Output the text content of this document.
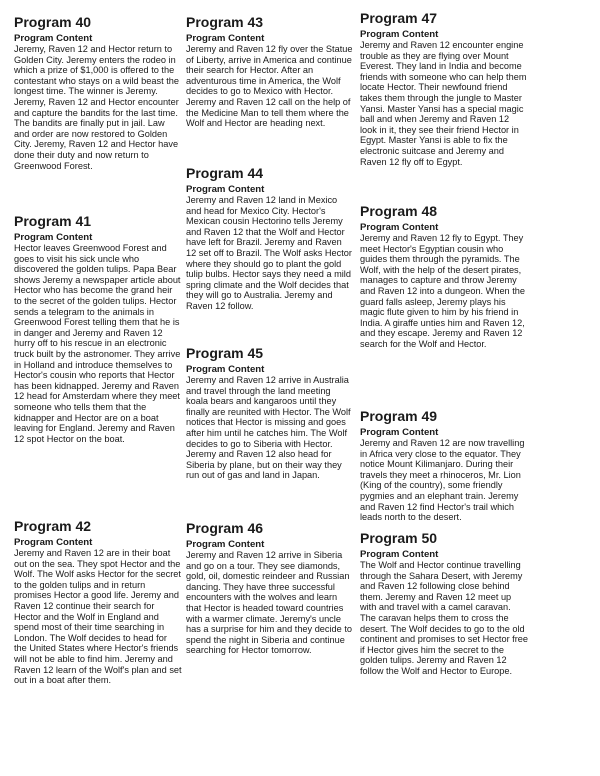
Program 40
Program Content

Jeremy, Raven 12 and Hector return to Golden City. Jeremy enters the rodeo in which a prize of $1,000 is offered to the contestant who stays on a wild beast the longest time. The winner is Jeremy. Jeremy, Raven 12 and Hector encounter and capture the bandits for the last time. The bandits are finally put in jail. Law and order are now restored to Golden City. Jeremy, Raven 12 and Hector have done their duty and now return to Greenwood Forest.

Program 41
Program Content

Hector leaves Greenwood Forest and goes to visit his sick uncle who discovered the golden tulips. Papa Bear shows Jeremy a newspaper article about Hector who has become the grand heir to the secret of the golden tulips. Hector sends a telegram to the animals in Greenwood Forest telling them that he is in danger and Jeremy and Raven 12 hurry off to his rescue in an electronic truck built by the astronomer. They arrive in Holland and introduce themselves to Hector's cousin who reports that Hector has been kidnapped. Jeremy and Raven 12 head for Amsterdam where they meet someone who tells them that the kidnapper and Hector are on a boat leaving for England. Jeremy and Raven 12 spot Hector on the boat.

Program 42
Program Content

Jeremy and Raven 12 are in their boat out on the sea. They spot Hector and the Wolf. The Wolf asks Hector for the secret to the golden tulips and in return promises Hector a good life. Jeremy and Raven 12 continue their search for Hector and the Wolf in England and spend most of their time searching in London. The Wolf decides to head for the United States where Hector's friends will not be able to find him. Jeremy and Raven 12 learn of the Wolf's plan and set out in a boat after them.

Program 43
Program Content

Jeremy and Raven 12 fly over the Statue of Liberty, arrive in America and continue their search for Hector. After an adventurous time in America, the Wolf decides to go to Mexico with Hector. Jeremy and Raven 12 call on the help of the Medicine Man to tell them where the Wolf and Hector are heading next.

Program 44
Program Content

Jeremy and Raven 12 land in Mexico and head for Mexico City. Hector's Mexican cousin Hectorino tells Jeremy and Raven 12 that the Wolf and Hector have left for Brazil. Jeremy and Raven 12 set off to Brazil. The Wolf asks Hector where they should go to plant the gold tulip bulbs. Hector says they need a mild spring climate and the Wolf decides that they will go to Australia. Jeremy and Raven 12 follow.

Program 45
Program Content

Jeremy and Raven 12 arrive in Australia and travel through the land meeting koala bears and kangaroos until they finally are reunited with Hector. The Wolf notices that Hector is missing and goes after him until he catches him. The Wolf decides to go to Siberia with Hector. Jeremy and Raven 12 also head for Siberia by plane, but on their way they run out of gas and land in Japan.

Program 46
Program Content

Jeremy and Raven 12 arrive in Siberia and go on a tour. They see diamonds, gold, oil, domestic reindeer and Russian dancing. They have three successful encounters with the wolves and learn that Hector is headed toward countries with a warmer climate. Jeremy's uncle has a surprise for him and they decide to spend the night in Siberia and continue searching for Hector tomorrow.

Program 47
Program Content

Jeremy and Raven 12 encounter engine trouble as they are flying over Mount Everest. They land in India and become friends with someone who can help them locate Hector. Their newfound friend takes them through the jungle to Master Yansi. Master Yansi has a special magic ball and when Jeremy and Raven 12 look in it, they see their friend Hector in Egypt. Master Yansi is able to fix the electronic suitcase and Jeremy and Raven 12 fly off to Egypt.

Program 48
Program Content

Jeremy and Raven 12 fly to Egypt. They meet Hector's Egyptian cousin who guides them through the pyramids. The Wolf, with the help of the desert pirates, manages to capture and throw Jeremy and Raven 12 into a dungeon. When the guard falls asleep, Jeremy plays his magic flute given to him by his friend in India. A giraffe unties him and Raven 12, and they escape. Jeremy and Raven 12 search for the Wolf and Hector.

Program 49
Program Content

Jeremy and Raven 12 are now travelling in Africa very close to the equator. They notice Mount Kilimanjaro. During their travels they meet a rhinoceros, Mr. Lion (King of the country), some friendly pygmies and an elephant train. Jeremy and Raven 12 find Hector's trail which leads north to the desert.

Program 50
Program Content

The Wolf and Hector continue travelling through the Sahara Desert, with Jeremy and Raven 12 following close behind them. Jeremy and Raven 12 meet up with and travel with a camel caravan. The caravan helps them to cross the desert. The Wolf decides to go to the old continent and promises to set Hector free if Hector gives him the secret to the golden tulips. Jeremy and Raven 12 follow the Wolf and Hector to Europe.
